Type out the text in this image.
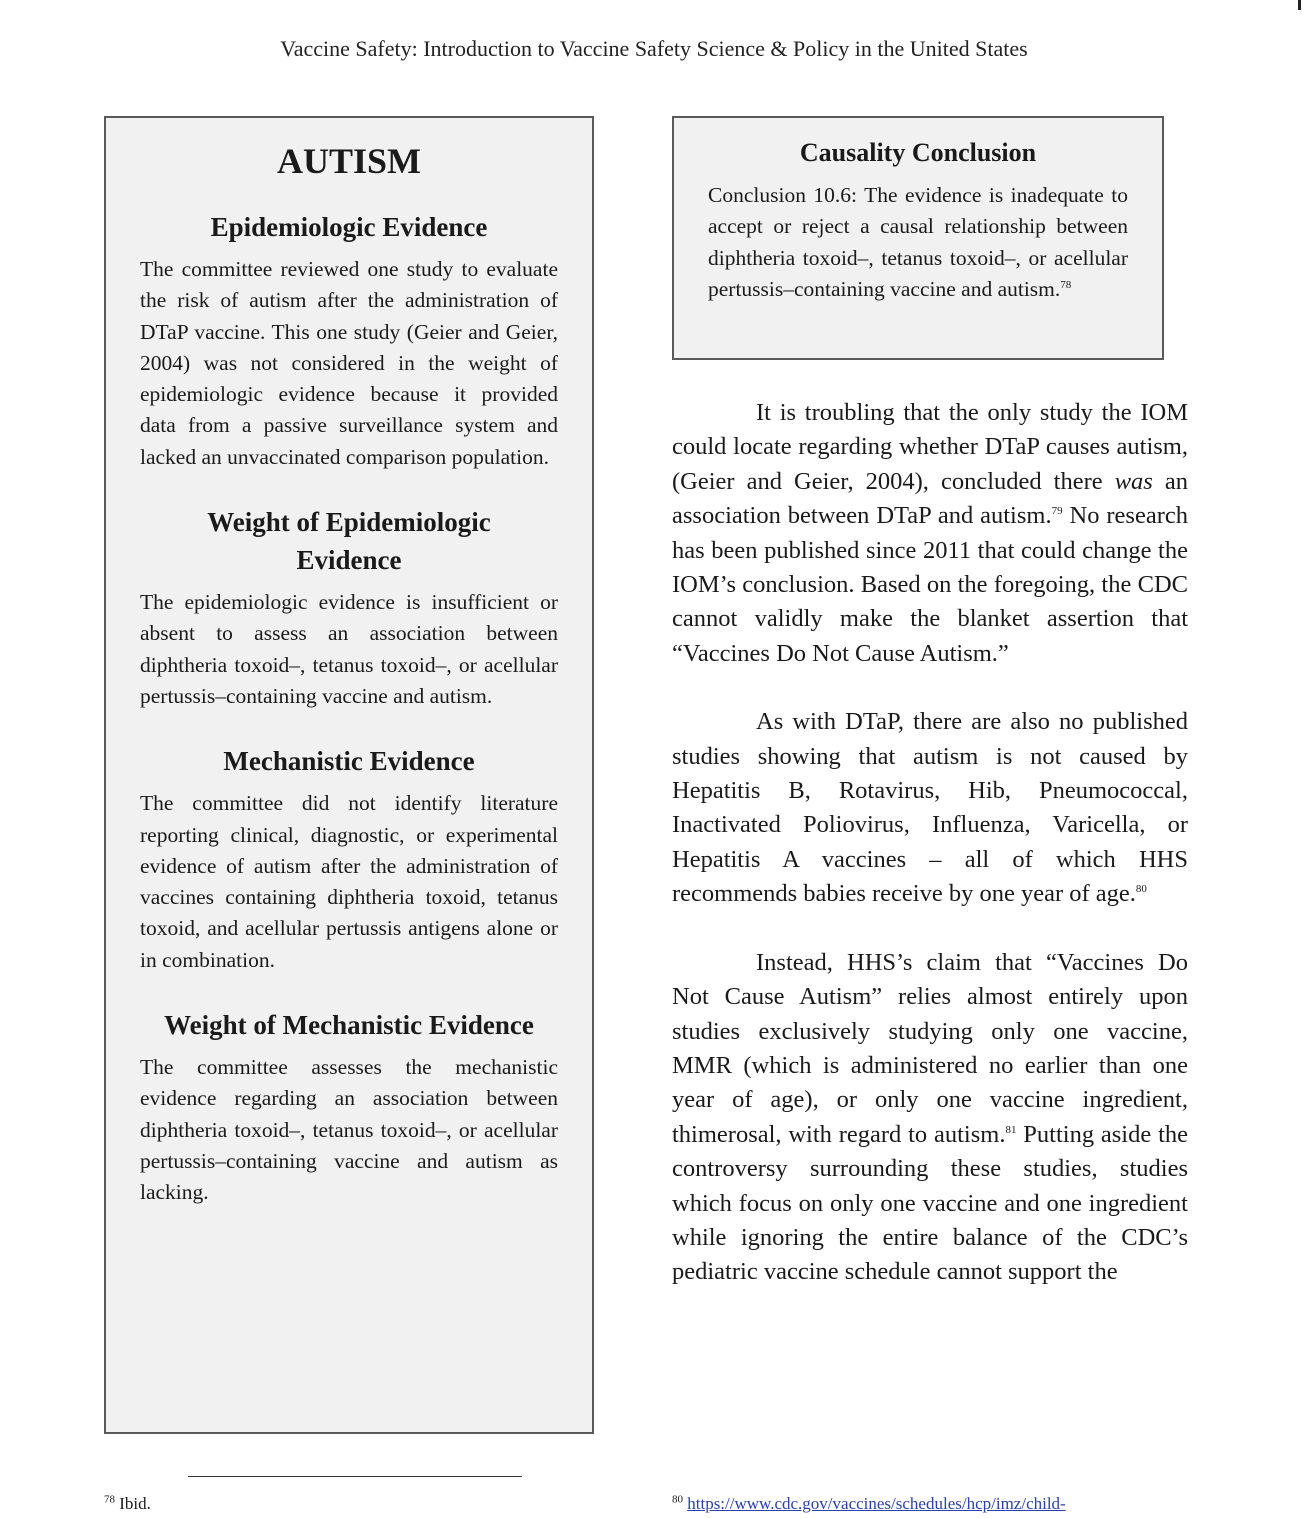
Vaccine Safety: Introduction to Vaccine Safety Science & Policy in the United States
AUTISM
Epidemiologic Evidence
The committee reviewed one study to evaluate the risk of autism after the administration of DTaP vaccine. This one study (Geier and Geier, 2004) was not considered in the weight of epidemiologic evidence because it provided data from a passive surveillance system and lacked an unvaccinated comparison population.
Weight of Epidemiologic Evidence
The epidemiologic evidence is insufficient or absent to assess an association between diphtheria toxoid–, tetanus toxoid–, or acellular pertussis–containing vaccine and autism.
Mechanistic Evidence
The committee did not identify literature reporting clinical, diagnostic, or experimental evidence of autism after the administration of vaccines containing diphtheria toxoid, tetanus toxoid, and acellular pertussis antigens alone or in combination.
Weight of Mechanistic Evidence
The committee assesses the mechanistic evidence regarding an association between diphtheria toxoid–, tetanus toxoid–, or acellular pertussis–containing vaccine and autism as lacking.
Causality Conclusion

Conclusion 10.6: The evidence is inadequate to accept or reject a causal relationship between diphtheria toxoid–, tetanus toxoid–, or acellular pertussis–containing vaccine and autism.$^{78}$

It is troubling that the only study the IOM could locate regarding whether DTaP causes autism, (Geier and Geier, 2004), concluded there was an association between DTaP and autism.$^{79}$ No research has been published since 2011 that could change the IOM’s conclusion. Based on the foregoing, the CDC cannot validly make the blanket assertion that “Vaccines Do Not Cause Autism.”

As with DTaP, there are also no published studies showing that autism is not caused by Hepatitis B, Rotavirus, Hib, Pneumococcal, Inactivated Poliovirus, Influenza, Varicella, or Hepatitis A vaccines – all of which HHS recommends babies receive by one year of age.$^{80}$

Instead, HHS’s claim that “Vaccines Do Not Cause Autism” relies almost entirely upon studies exclusively studying only one vaccine, MMR (which is administered no earlier than one year of age), or only one vaccine ingredient, thimerosal, with regard to autism.$^{81}$ Putting aside the controversy surrounding these studies, studies which focus on only one vaccine and one ingredient while ignoring the entire balance of the CDC’s pediatric vaccine schedule cannot support the

$^{78}$ Ibid.	$^{80}$ https://www.cdc.gov/vaccines/schedules/hcp/imz/child-
